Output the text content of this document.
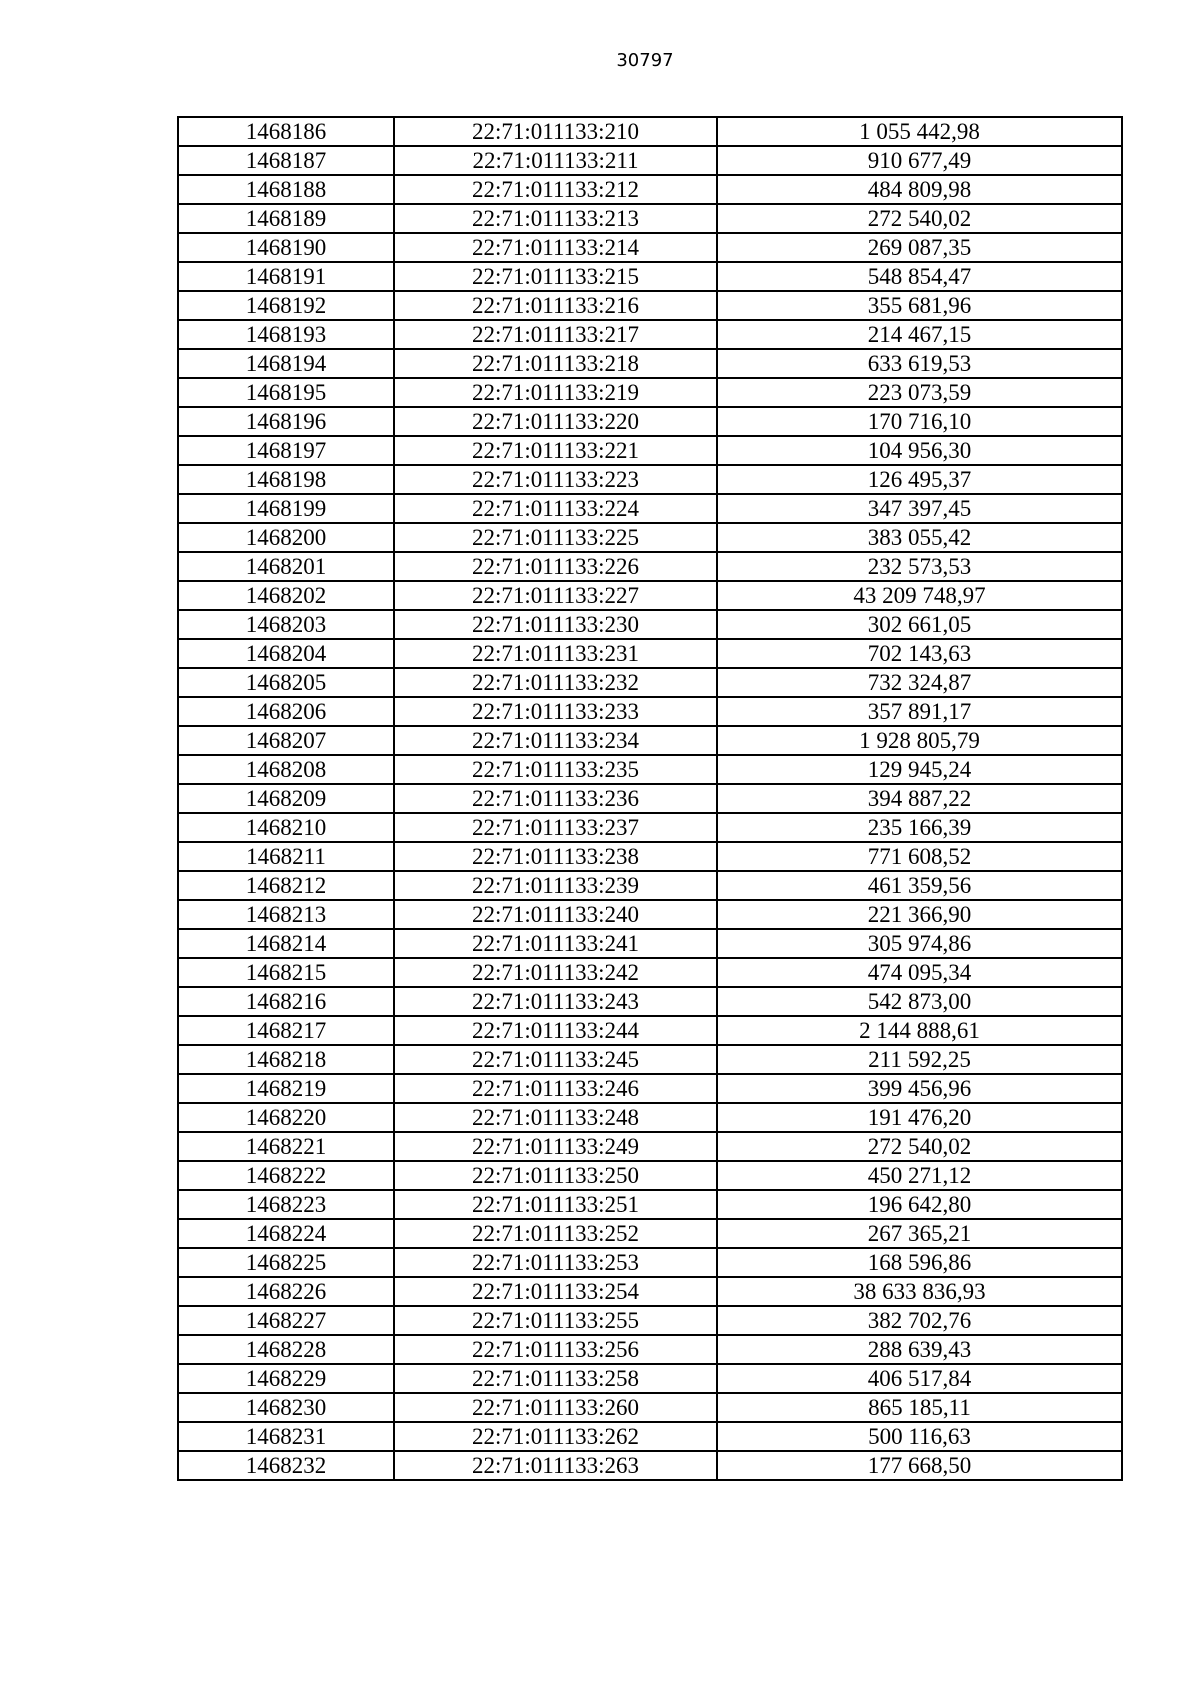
30797
1468186	22:71:011133:210	1 055 442,98
1468187	22:71:011133:211	910 677,49
1468188	22:71:011133:212	484 809,98
1468189	22:71:011133:213	272 540,02
1468190	22:71:011133:214	269 087,35
1468191	22:71:011133:215	548 854,47
1468192	22:71:011133:216	355 681,96
1468193	22:71:011133:217	214 467,15
1468194	22:71:011133:218	633 619,53
1468195	22:71:011133:219	223 073,59
1468196	22:71:011133:220	170 716,10
1468197	22:71:011133:221	104 956,30
1468198	22:71:011133:223	126 495,37
1468199	22:71:011133:224	347 397,45
1468200	22:71:011133:225	383 055,42
1468201	22:71:011133:226	232 573,53
1468202	22:71:011133:227	43 209 748,97
1468203	22:71:011133:230	302 661,05
1468204	22:71:011133:231	702 143,63
1468205	22:71:011133:232	732 324,87
1468206	22:71:011133:233	357 891,17
1468207	22:71:011133:234	1 928 805,79
1468208	22:71:011133:235	129 945,24
1468209	22:71:011133:236	394 887,22
1468210	22:71:011133:237	235 166,39
1468211	22:71:011133:238	771 608,52
1468212	22:71:011133:239	461 359,56
1468213	22:71:011133:240	221 366,90
1468214	22:71:011133:241	305 974,86
1468215	22:71:011133:242	474 095,34
1468216	22:71:011133:243	542 873,00
1468217	22:71:011133:244	2 144 888,61
1468218	22:71:011133:245	211 592,25
1468219	22:71:011133:246	399 456,96
1468220	22:71:011133:248	191 476,20
1468221	22:71:011133:249	272 540,02
1468222	22:71:011133:250	450 271,12
1468223	22:71:011133:251	196 642,80
1468224	22:71:011133:252	267 365,21
1468225	22:71:011133:253	168 596,86
1468226	22:71:011133:254	38 633 836,93
1468227	22:71:011133:255	382 702,76
1468228	22:71:011133:256	288 639,43
1468229	22:71:011133:258	406 517,84
1468230	22:71:011133:260	865 185,11
1468231	22:71:011133:262	500 116,63
1468232	22:71:011133:263	177 668,50
